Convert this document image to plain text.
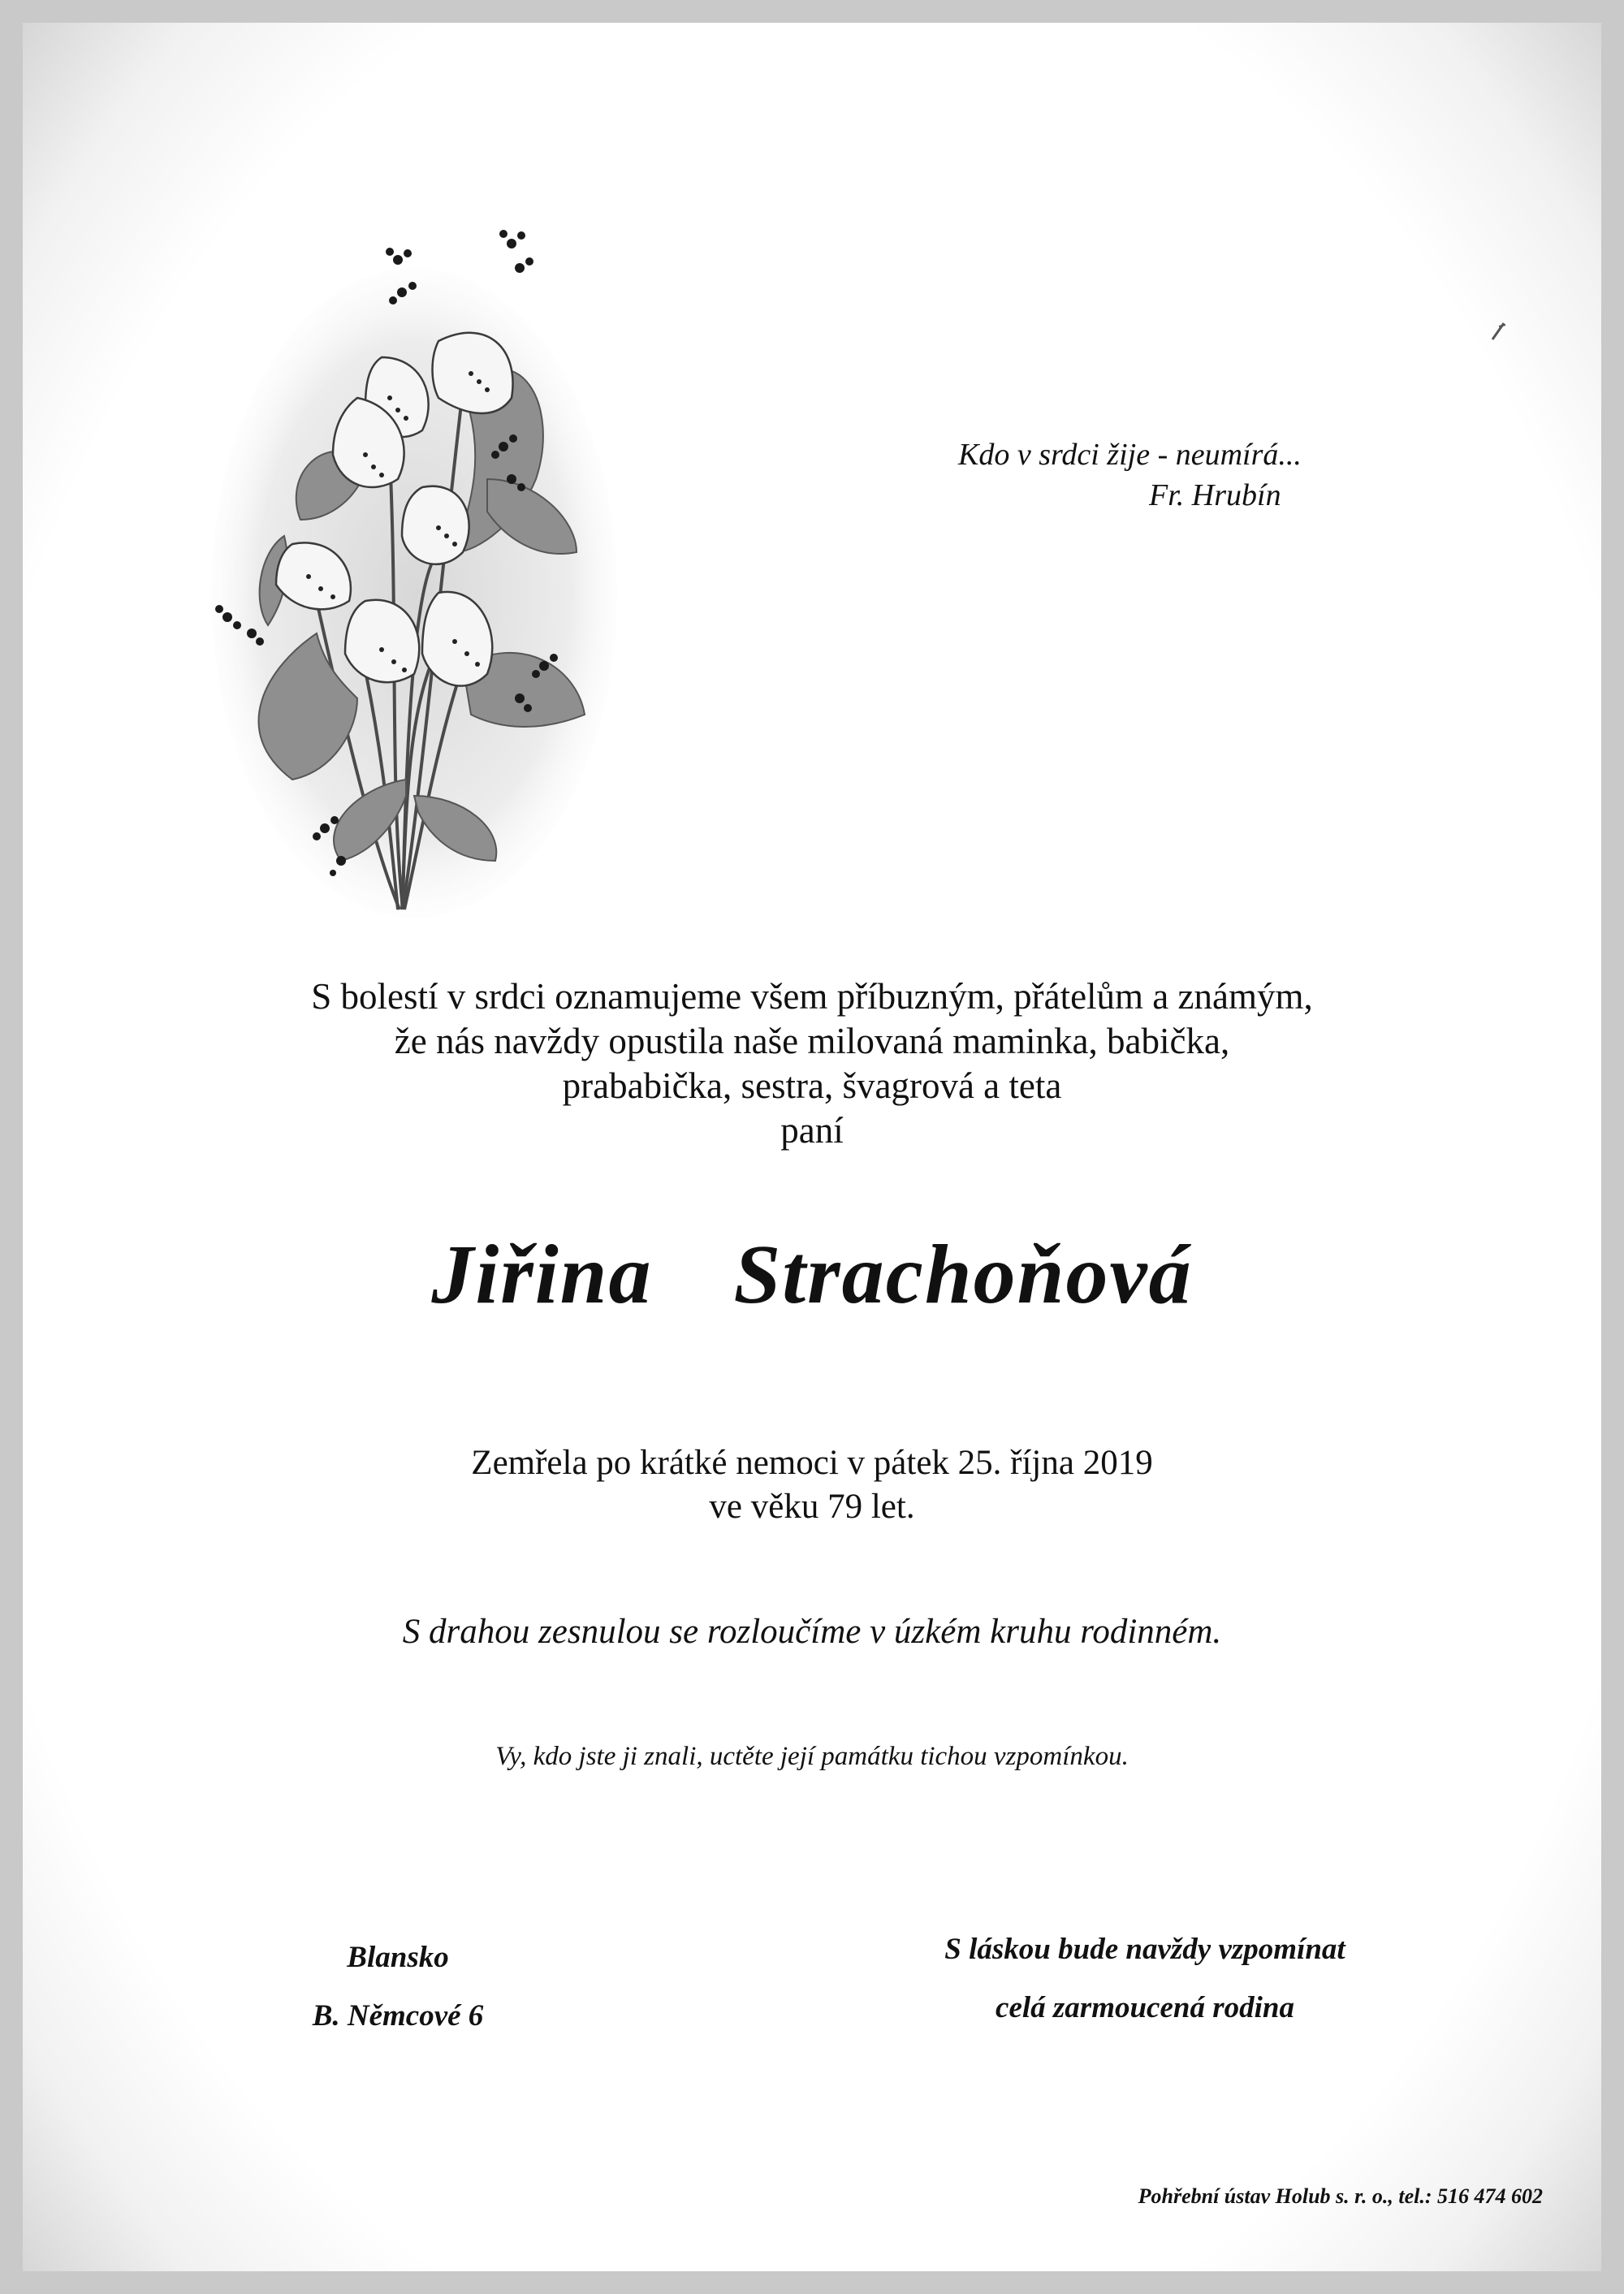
Kdo v srdci žije - neumírá...
Fr. Hrubín
S bolestí v srdci oznamujeme všem příbuzným, přátelům a známým,
že nás navždy opustila naše milovaná maminka, babička,
prababička, sestra, švagrová a teta
paní
Jiřina  Strachoňová
Zemřela po krátké nemoci v pátek 25. října 2019
ve věku 79 let.
S drahou zesnulou se rozloučíme v úzkém kruhu rodinném.
Vy, kdo jste ji znali, uctěte její památku tichou vzpomínkou.
Blansko
B. Němcové 6
S láskou bude navždy vzpomínat
celá zarmoucená rodina
Pohřební ústav Holub s. r. o., tel.: 516 474 602
